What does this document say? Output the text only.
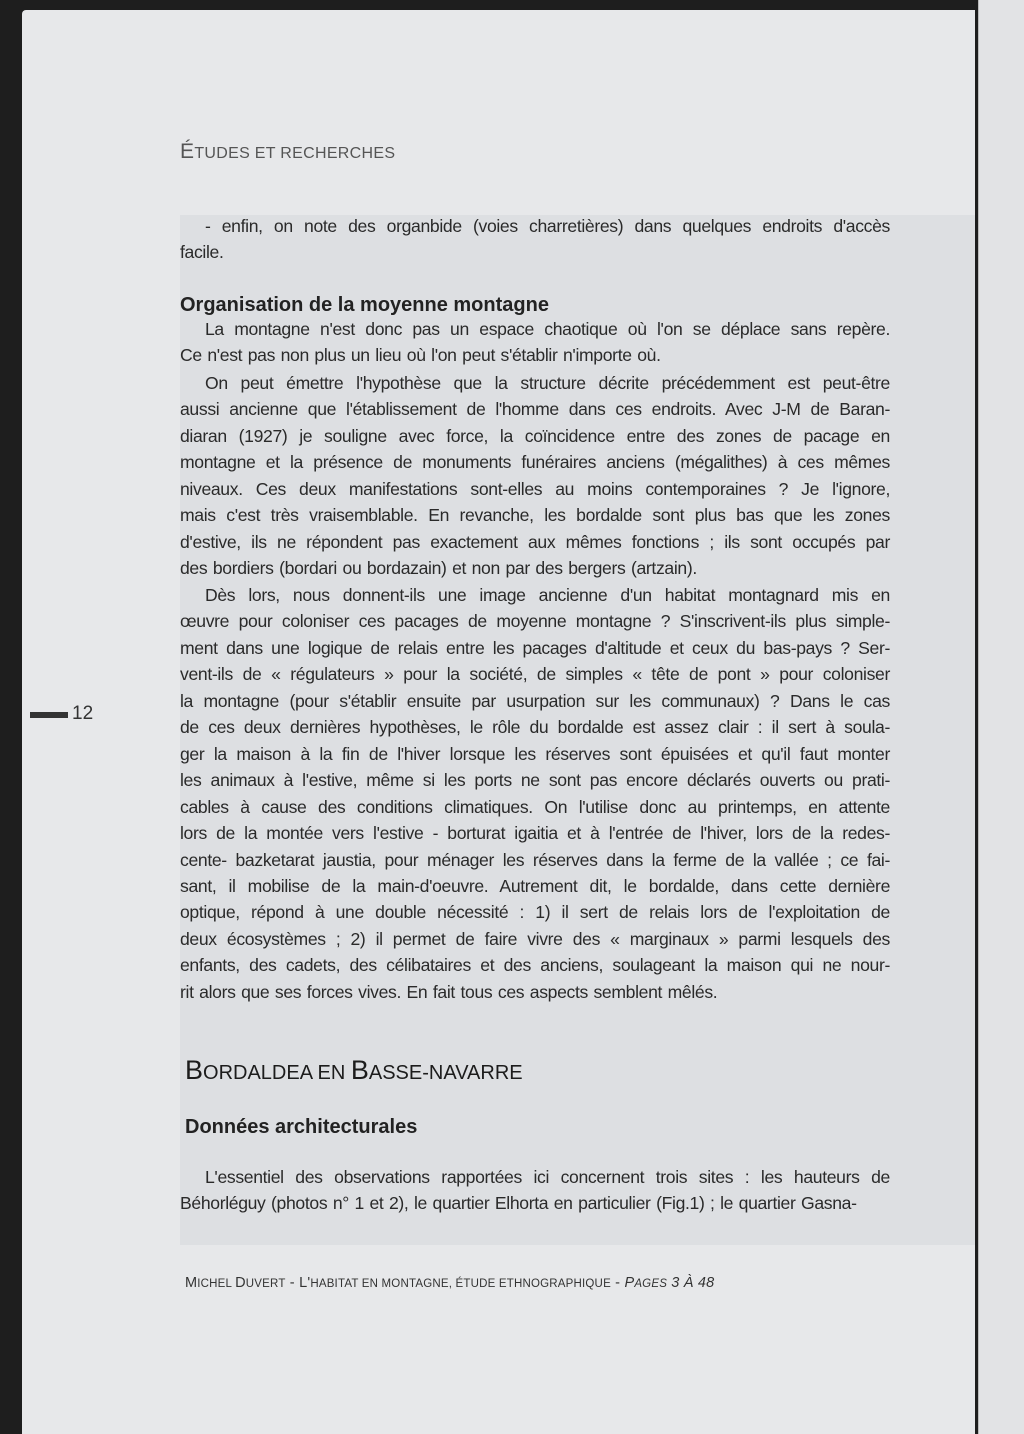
ÉTUDES ET RECHERCHES
12
- enfin, on note des organbide (voies charretières) dans quelques endroits d'accès
facile.
La montagne n'est donc pas un espace chaotique où l'on se déplace sans repère.
Ce n'est pas non plus un lieu où l'on peut s'établir n'importe où.
On peut émettre l'hypothèse que la structure décrite précédemment est peut-être
aussi ancienne que l'établissement de l'homme dans ces endroits. Avec J-M de Baran-
diaran (1927) je souligne avec force, la coïncidence entre des zones de pacage en
montagne et la présence de monuments funéraires anciens (mégalithes) à ces mêmes
niveaux. Ces deux manifestations sont-elles au moins contemporaines ? Je l'ignore,
mais c'est très vraisemblable. En revanche, les bordalde sont plus bas que les zones
d'estive, ils ne répondent pas exactement aux mêmes fonctions ; ils sont occupés par
des bordiers (bordari ou bordazain) et non par des bergers (artzain).
Dès lors, nous donnent-ils une image ancienne d'un habitat montagnard mis en
œuvre pour coloniser ces pacages de moyenne montagne ? S'inscrivent-ils plus simple-
ment dans une logique de relais entre les pacages d'altitude et ceux du bas-pays ? Ser-
vent-ils de « régulateurs » pour la société, de simples « tête de pont » pour coloniser
la montagne (pour s'établir ensuite par usurpation sur les communaux) ? Dans le cas
de ces deux dernières hypothèses, le rôle du bordalde est assez clair : il sert à soula-
ger la maison à la fin de l'hiver lorsque les réserves sont épuisées et qu'il faut monter
les animaux à l'estive, même si les ports ne sont pas encore déclarés ouverts ou prati-
cables à cause des conditions climatiques. On l'utilise donc au printemps, en attente
lors de la montée vers l'estive - borturat igaitia et à l'entrée de l'hiver, lors de la redes-
cente- bazketarat jaustia, pour ménager les réserves dans la ferme de la vallée ; ce fai-
sant, il mobilise de la main-d'oeuvre. Autrement dit, le bordalde, dans cette dernière
optique, répond à une double nécessité : 1) il sert de relais lors de l'exploitation de
deux écosystèmes ; 2) il permet de faire vivre des « marginaux » parmi lesquels des
enfants, des cadets, des célibataires et des anciens, soulageant la maison qui ne nour-
rit alors que ses forces vives. En fait tous ces aspects semblent mêlés.
L'essentiel des observations rapportées ici concernent trois sites : les hauteurs de
Béhorléguy (photos n° 1 et 2), le quartier Elhorta en particulier (Fig.1) ; le quartier Gasna-
Organisation de la moyenne montagne
BORDALDEA EN BASSE-NAVARRE
Données architecturales
MICHEL DUVERT - L'HABITAT EN MONTAGNE, ÉTUDE ETHNOGRAPHIQUE - PAGES 3 À 48
